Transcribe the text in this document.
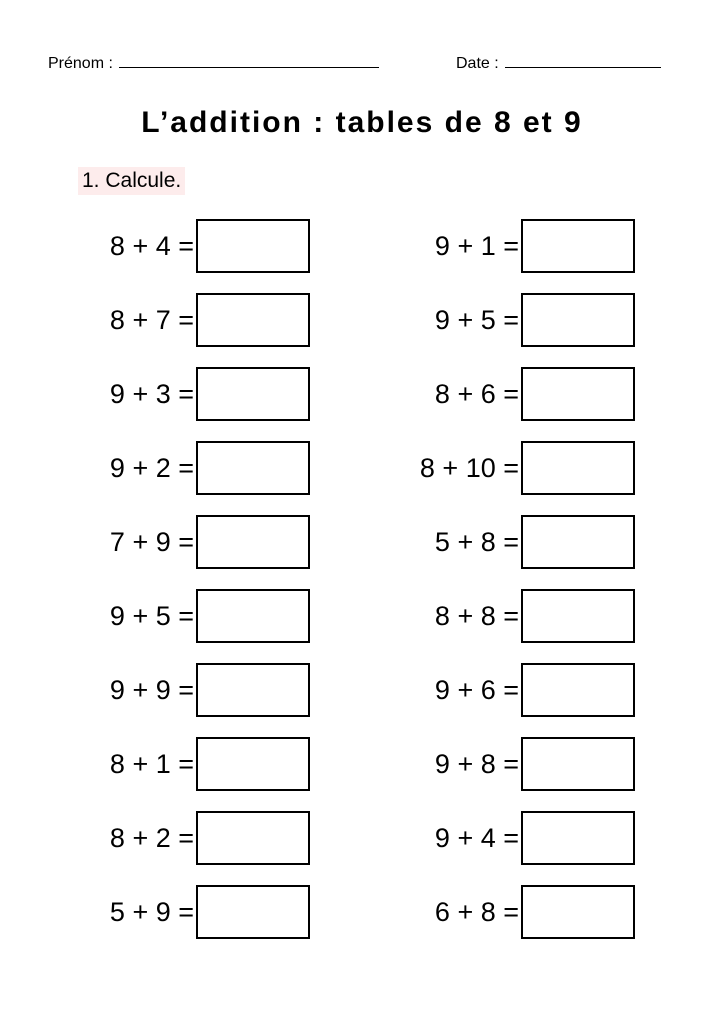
Prénom :	Date :
L’addition : tables de 8 et 9
1. Calcule.
8 + 4 =
8 + 7 =
9 + 3 =
9 + 2 =
7 + 9 =
9 + 5 =
9 + 9 =
8 + 1 =
8 + 2 =
5 + 9 =
9 + 1 =
9 + 5 =
8 + 6 =
8 + 10 =
5 + 8 =
8 + 8 =
9 + 6 =
9 + 8 =
9 + 4 =
6 + 8 =
